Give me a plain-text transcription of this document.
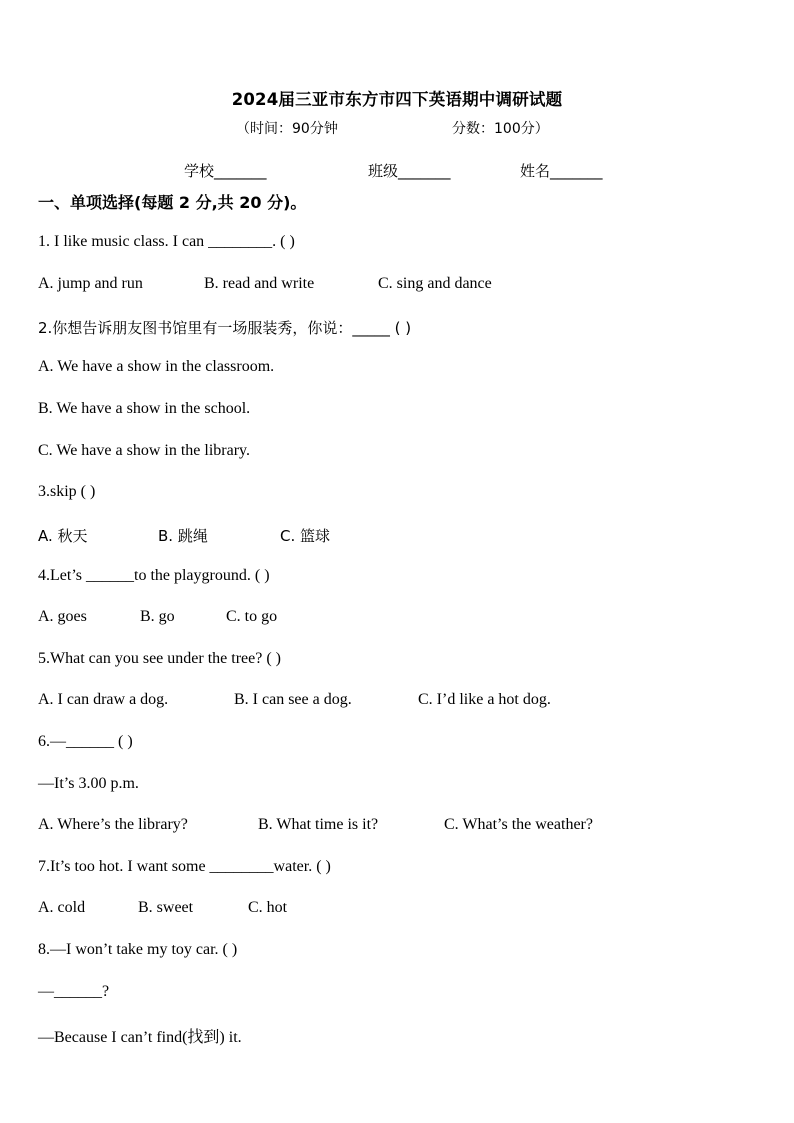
2024届三亚市东方市四下英语期中调研试题
（时间：90分钟	分数：100分）
学校_______	班级_______	姓名_______
一、单项选择(每题 2 分,共 20 分)。
1. I like music class. I can ________. ( )
A. jump and run	B. read and write	C. sing and dance
2.你想告诉朋友图书馆里有一场服装秀，你说：_____ ( )
A. We have a show in the classroom.
B. We have a show in the school.
C. We have a show in the library.
3.skip ( )
A. 秋天	B. 跳绳	C. 篮球
4.Let’s ______to the playground. ( )
A. goes	B. go	C. to go
5.What can you see under the tree? ( )
A. I can draw a dog.	B. I can see a dog.	C. I’d like a hot dog.
6.—______ ( )
—It’s 3.00 p.m.
A. Where’s the library?	B. What time is it?	C. What’s the weather?
7.It’s too hot. I want some ________water. ( )
A. cold	B. sweet	C. hot
8.—I won’t take my toy car. ( )
—______?
—Because I can’t find(找到) it.
